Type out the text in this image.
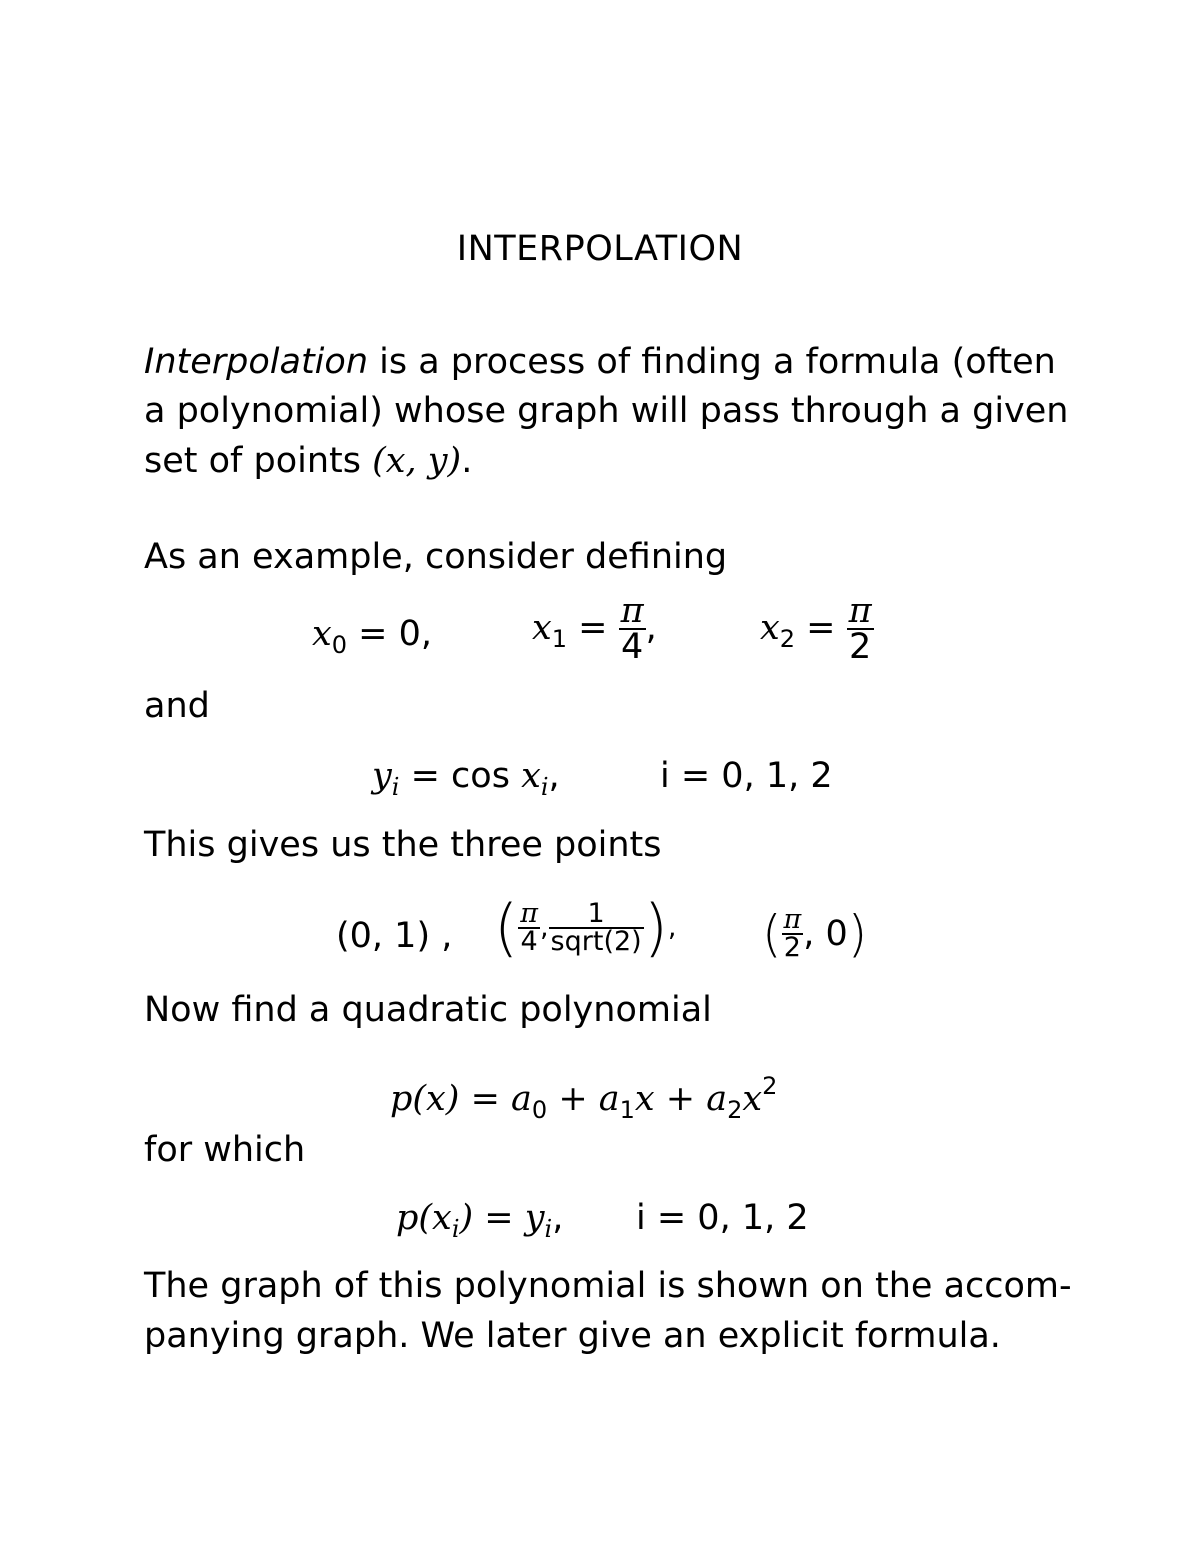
INTERPOLATION
Interpolation is a process of finding a formula (often
a polynomial) whose graph will pass through a given
set of points (x, y).
As an example, consider defining
$x_0 = 0$,	$x_1 = \frac{\pi}{4}$ ,	$x_2 = \frac{\pi}{2}$
and
$y_i = \cos x_i$,	i = 0, 1, 2
This gives us the three points
(0, 1) , ( $\frac{\pi}{4}$ , $\frac{1}{\text{sqrt(2)}}$ ), ( $\frac{\pi}{2}$ , 0)
Now find a quadratic polynomial
$p(x) = a_0 + a_1x + a_2x^2$
for which
$p(x_i) = y_i$, i = 0, 1, 2
The graph of this polynomial is shown on the accom-
panying graph. We later give an explicit formula.
